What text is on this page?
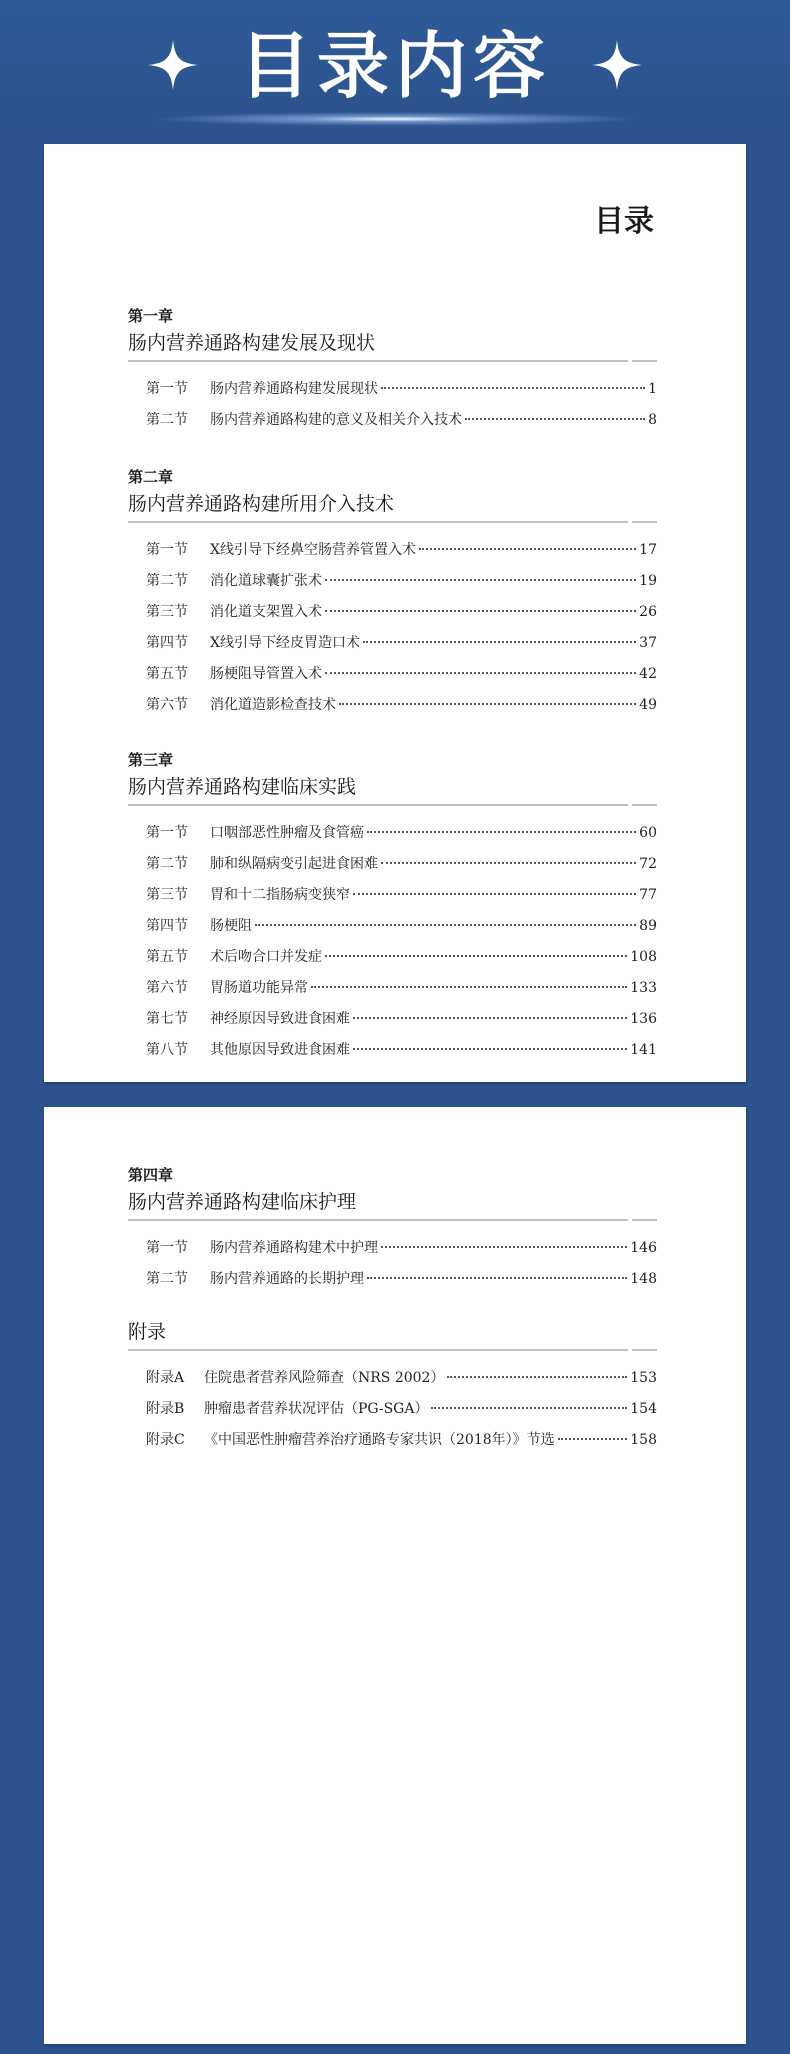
目录内容
目录
第一章
肠内营养通路构建发展及现状
第一节	肠内营养通路构建发展现状	1
第二节	肠内营养通路构建的意义及相关介入技术	8
第二章
肠内营养通路构建所用介入技术
第一节	X线引导下经鼻空肠营养管置入术	17
第二节	消化道球囊扩张术	19
第三节	消化道支架置入术	26
第四节	X线引导下经皮胃造口术	37
第五节	肠梗阻导管置入术	42
第六节	消化道造影检查技术	49
第三章
肠内营养通路构建临床实践
第一节	口咽部恶性肿瘤及食管癌	60
第二节	肺和纵隔病变引起进食困难	72
第三节	胃和十二指肠病变狭窄	77
第四节	肠梗阻	89
第五节	术后吻合口并发症	108
第六节	胃肠道功能异常	133
第七节	神经原因导致进食困难	136
第八节	其他原因导致进食困难	141
第四章
肠内营养通路构建临床护理
第一节	肠内营养通路构建术中护理	146
第二节	肠内营养通路的长期护理	148
附录
附录A	住院患者营养风险筛查（NRS 2002）	153
附录B	肿瘤患者营养状况评估（PG-SGA）	154
附录C	《中国恶性肿瘤营养治疗通路专家共识（2018年）》节选	158
